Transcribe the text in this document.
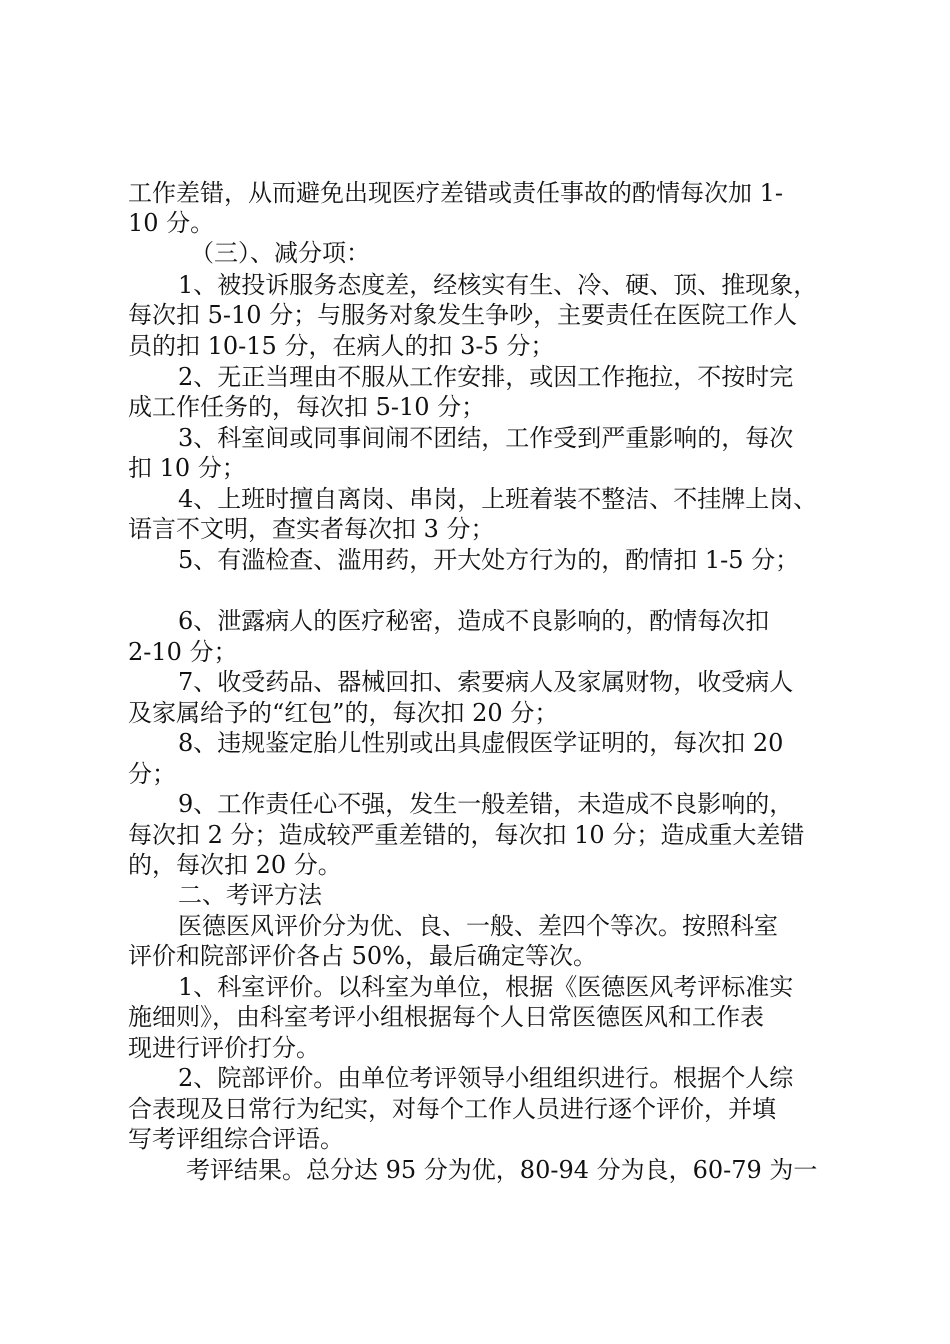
工作差错，从而避免出现医疗差错或责任事故的酌情每次加 1-
10 分。
（三）、减分项：
1、被投诉服务态度差，经核实有生、冷、硬、顶、推现象，
每次扣 5-10 分；与服务对象发生争吵，主要责任在医院工作人
员的扣 10-15 分，在病人的扣 3-5 分；
2、无正当理由不服从工作安排，或因工作拖拉，不按时完
成工作任务的，每次扣 5-10 分；
3、科室间或同事间闹不团结，工作受到严重影响的，每次
扣 10 分；
4、上班时擅自离岗、串岗，上班着装不整洁、不挂牌上岗、
语言不文明，查实者每次扣 3 分；
5、有滥检查、滥用药，开大处方行为的，酌情扣 1-5 分；
6、泄露病人的医疗秘密，造成不良影响的，酌情每次扣
2-10 分；
7、收受药品、器械回扣、索要病人及家属财物，收受病人
及家属给予的“红包”的，每次扣 20 分；
8、违规鉴定胎儿性别或出具虚假医学证明的，每次扣 20
分；
9、工作责任心不强，发生一般差错，未造成不良影响的，
每次扣 2 分；造成较严重差错的，每次扣 10 分；造成重大差错
的，每次扣 20 分。
二、考评方法
医德医风评价分为优、良、一般、差四个等次。按照科室
评价和院部评价各占 50%，最后确定等次。
1、科室评价。以科室为单位，根据《医德医风考评标准实
施细则》，由科室考评小组根据每个人日常医德医风和工作表
现进行评价打分。
2、院部评价。由单位考评领导小组组织进行。根据个人综
合表现及日常行为纪实，对每个工作人员进行逐个评价，并填
写考评组综合评语。
考评结果。总分达 95 分为优，80-94 分为良，60-79 为一
